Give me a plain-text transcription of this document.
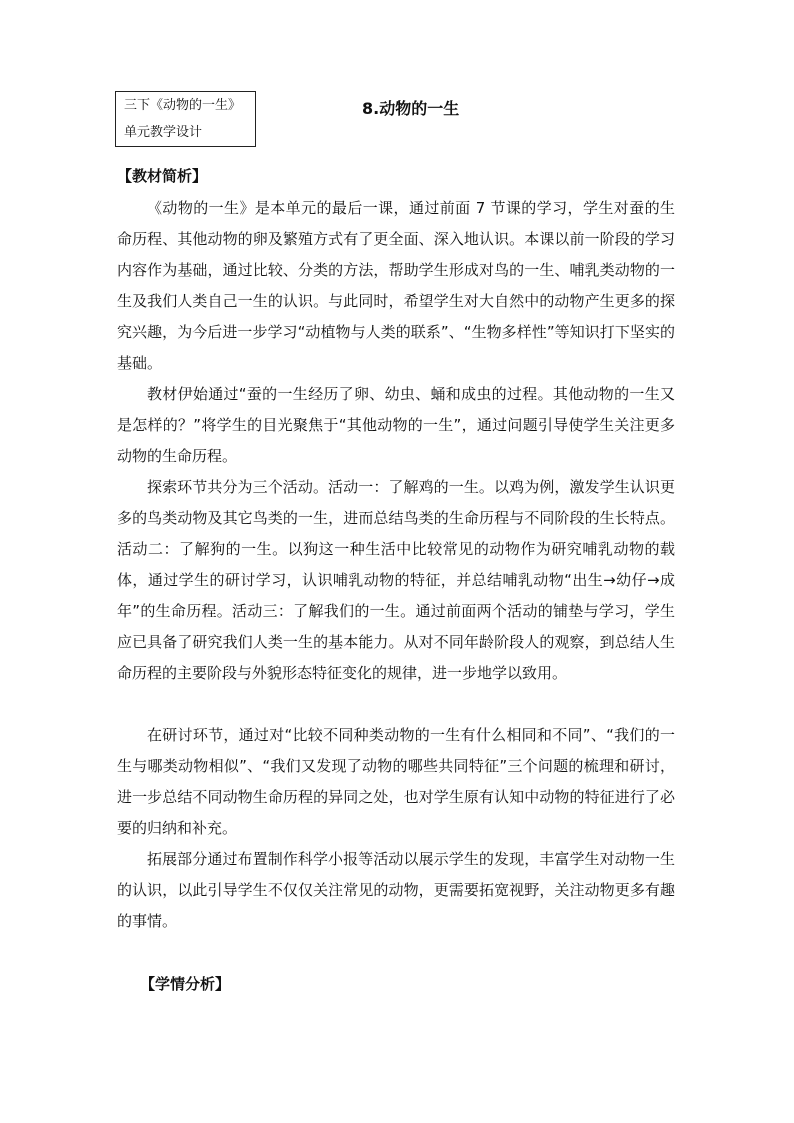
三下《动物的一生》
单元教学设计
8.动物的一生
【教材简析】

《动物的一生》是本单元的最后一课，通过前面 7 节课的学习，学生对蚕的生命历程、其他动物的卵及繁殖方式有了更全面、深入地认识。本课以前一阶段的学习内容作为基础，通过比较、分类的方法，帮助学生形成对鸟的一生、哺乳类动物的一生及我们人类自己一生的认识。与此同时，希望学生对大自然中的动物产生更多的探究兴趣，为今后进一步学习“动植物与人类的联系”、“生物多样性”等知识打下坚实的基础。

教材伊始通过“蚕的一生经历了卵、幼虫、蛹和成虫的过程。其他动物的一生又是怎样的？”将学生的目光聚焦于“其他动物的一生”，通过问题引导使学生关注更多动物的生命历程。

探索环节共分为三个活动。活动一：了解鸡的一生。以鸡为例，激发学生认识更多的鸟类动物及其它鸟类的一生，进而总结鸟类的生命历程与不同阶段的生长特点。活动二：了解狗的一生。以狗这一种生活中比较常见的动物作为研究哺乳动物的载体，通过学生的研讨学习，认识哺乳动物的特征，并总结哺乳动物“出生→幼仔→成年”的生命历程。活动三：了解我们的一生。通过前面两个活动的铺垫与学习，学生应已具备了研究我们人类一生的基本能力。从对不同年龄阶段人的观察，到总结人生命历程的主要阶段与外貌形态特征变化的规律，进一步地学以致用。

在研讨环节，通过对“比较不同种类动物的一生有什么相同和不同”、“我们的一生与哪类动物相似”、“我们又发现了动物的哪些共同特征”三个问题的梳理和研讨，进一步总结不同动物生命历程的异同之处，也对学生原有认知中动物的特征进行了必要的归纳和补充。

拓展部分通过布置制作科学小报等活动以展示学生的发现，丰富学生对动物一生的认识，以此引导学生不仅仅关注常见的动物，更需要拓宽视野，关注动物更多有趣的事情。

【学情分析】
